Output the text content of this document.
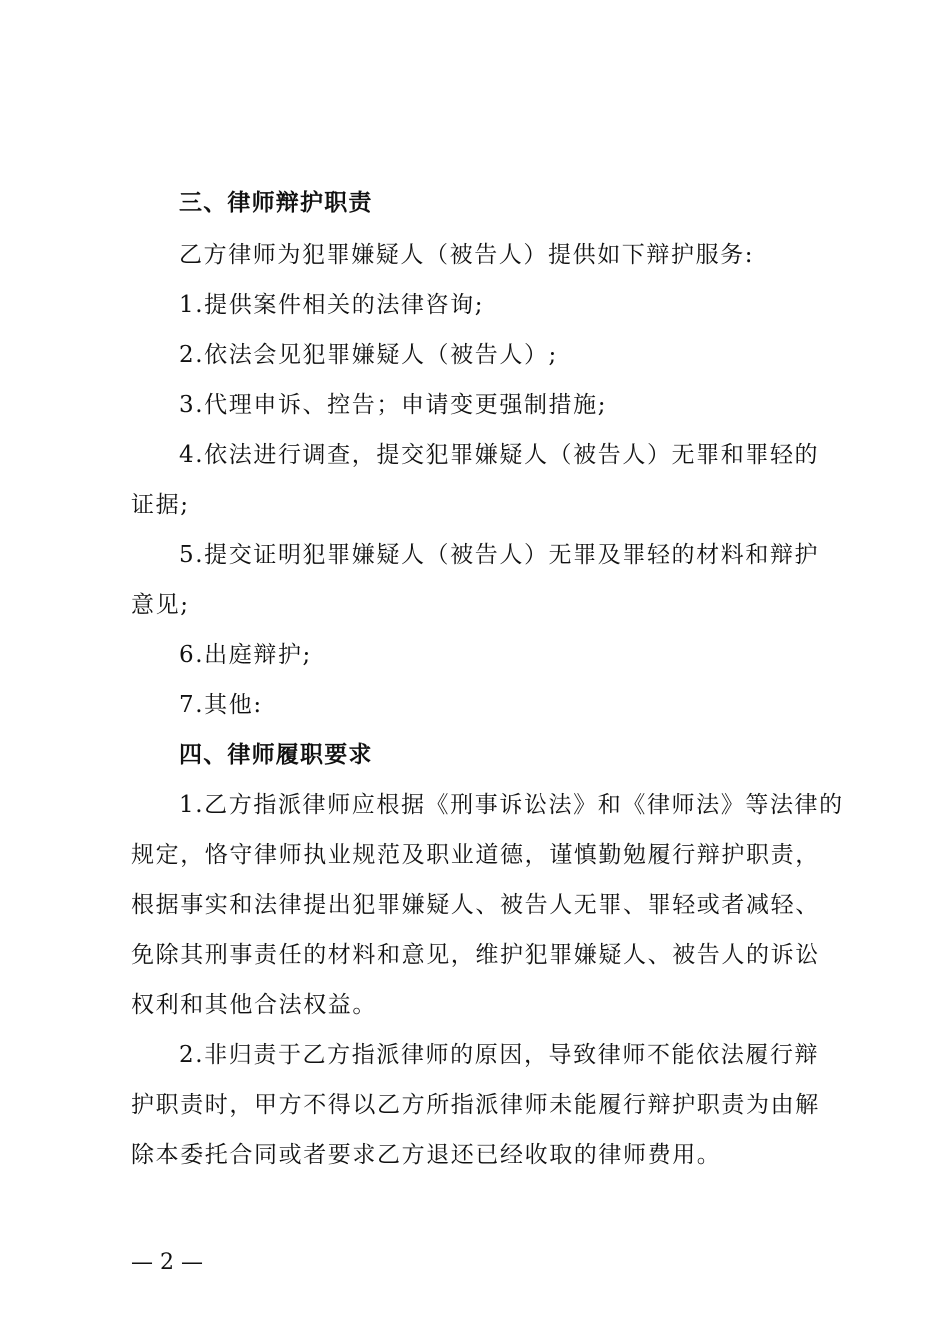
三、律师辩护职责
乙方律师为犯罪嫌疑人（被告人）提供如下辩护服务:
1.提供案件相关的法律咨询;
2.依法会见犯罪嫌疑人（被告人）;
3.代理申诉、控告；申请变更强制措施;
4.依法进行调查，提交犯罪嫌疑人（被告人）无罪和罪轻的
证据;
5.提交证明犯罪嫌疑人（被告人）无罪及罪轻的材料和辩护
意见;
6.出庭辩护;
7.其他:
四、律师履职要求
1.乙方指派律师应根据《刑事诉讼法》和《律师法》等法律的
规定，恪守律师执业规范及职业道德，谨慎勤勉履行辩护职责，
根据事实和法律提出犯罪嫌疑人、被告人无罪、罪轻或者减轻、
免除其刑事责任的材料和意见，维护犯罪嫌疑人、被告人的诉讼
权利和其他合法权益。
2.非归责于乙方指派律师的原因，导致律师不能依法履行辩
护职责时，甲方不得以乙方所指派律师未能履行辩护职责为由解
除本委托合同或者要求乙方退还已经收取的律师费用。
— 2 —
